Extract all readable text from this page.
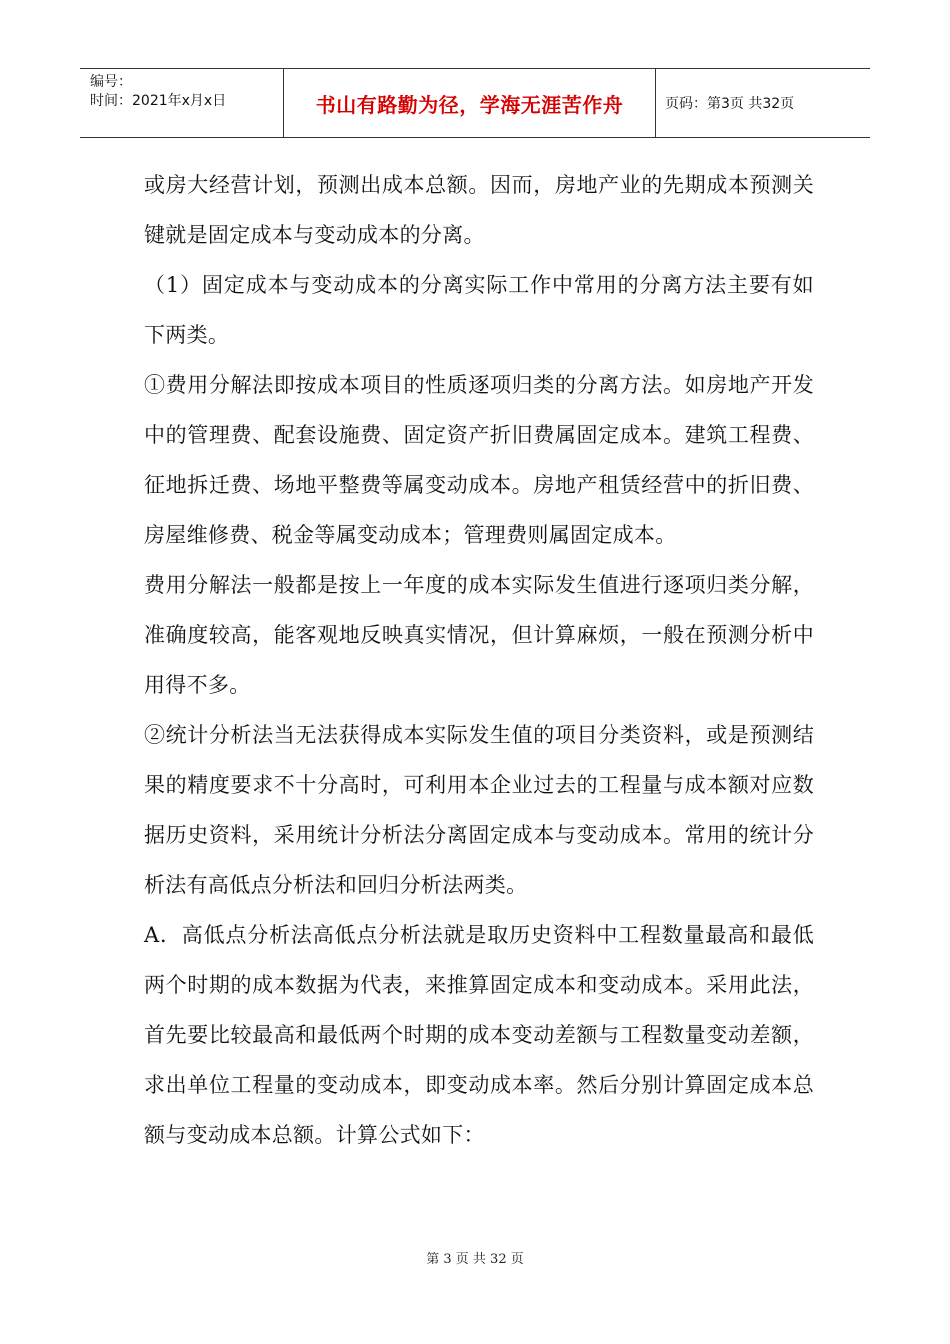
编号：
时间：2021年x月x日	书山有路勤为径，学海无涯苦作舟	页码：第3页 共32页

或房大经营计划，预测出成本总额。因而，房地产业的先期成本预测关键就是固定成本与变动成本的分离。

（1）固定成本与变动成本的分离实际工作中常用的分离方法主要有如下两类。

①费用分解法即按成本项目的性质逐项归类的分离方法。如房地产开发中的管理费、配套设施费、固定资产折旧费属固定成本。建筑工程费、征地拆迁费、场地平整费等属变动成本。房地产租赁经营中的折旧费、房屋维修费、税金等属变动成本；管理费则属固定成本。

费用分解法一般都是按上一年度的成本实际发生值进行逐项归类分解，准确度较高，能客观地反映真实情况，但计算麻烦，一般在预测分析中用得不多。

②统计分析法当无法获得成本实际发生值的项目分类资料，或是预测结果的精度要求不十分高时，可利用本企业过去的工程量与成本额对应数据历史资料，采用统计分析法分离固定成本与变动成本。常用的统计分析法有高低点分析法和回归分析法两类。

A．高低点分析法高低点分析法就是取历史资料中工程数量最高和最低两个时期的成本数据为代表，来推算固定成本和变动成本。采用此法，首先要比较最高和最低两个时期的成本变动差额与工程数量变动差额，求出单位工程量的变动成本，即变动成本率。然后分别计算固定成本总额与变动成本总额。计算公式如下：

第 3 页 共 32 页
